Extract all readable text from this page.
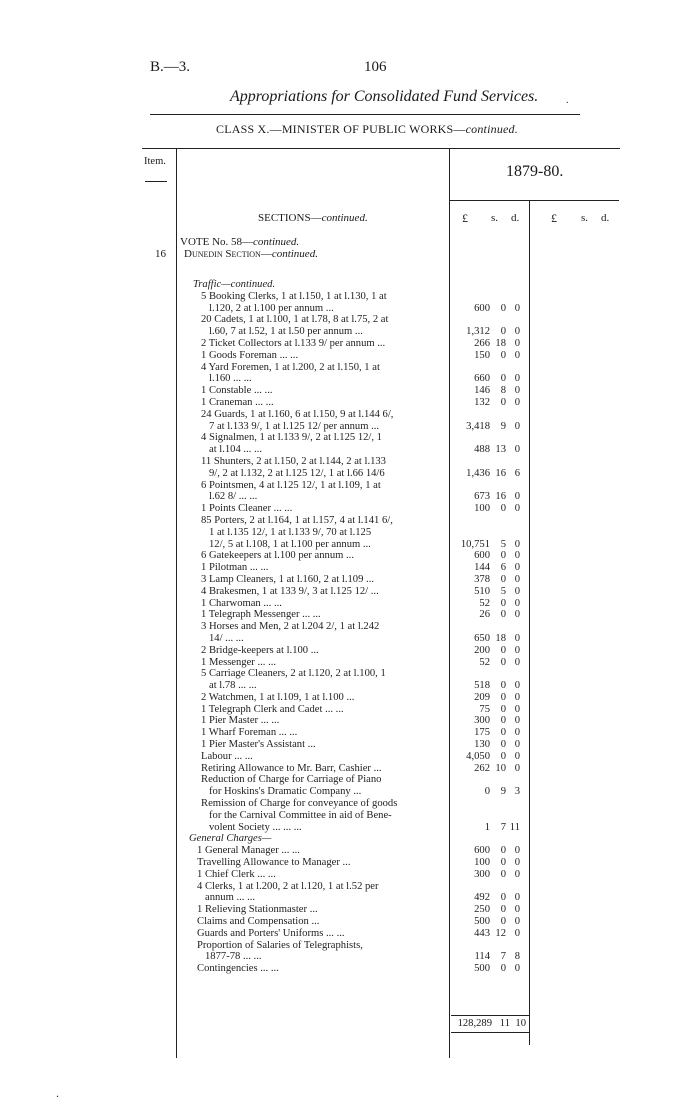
B.—3.	106
Appropriations for Consolidated Fund Services.	.
CLASS X.—MINISTER OF PUBLIC WORKS—continued.
Item.
1879-80.
SECTIONS—continued.	£ s. d.	£ s. d.
VOTE No. 58—continued.
16 Dunedin Section—continued.
Traffic—continued.
5 Booking Clerks, 1 at l.150, 1 at l.130, 1 at
l.120, 2 at l.100 per annum ...	600 0 0
20 Cadets, 1 at l.100, 1 at l.78, 8 at l.75, 2 at
l.60, 7 at l.52, 1 at l.50 per annum ...	1,312 0 0
2 Ticket Collectors at l.133 9/ per annum ...	266 18 0
1 Goods Foreman ... ...	150 0 0
4 Yard Foremen, 1 at l.200, 2 at l.150, 1 at
l.160 ... ...	660 0 0
1 Constable ... ...	146 8 0
1 Craneman ... ...	132 0 0
24 Guards, 1 at l.160, 6 at l.150, 9 at l.144 6/,
7 at l.133 9/, 1 at l.125 12/ per annum ...	3,418 9 0
4 Signalmen, 1 at l.133 9/, 2 at l.125 12/, 1
at l.104 ... ...	488 13 0
11 Shunters, 2 at l.150, 2 at l.144, 2 at l.133
9/, 2 at l.132, 2 at l.125 12/, 1 at l.66 14/6	1,436 16 6
6 Pointsmen, 4 at l.125 12/, 1 at l.109, 1 at
l.62 8/ ... ...	673 16 0
1 Points Cleaner ... ...	100 0 0
85 Porters, 2 at l.164, 1 at l.157, 4 at l.141 6/,
1 at l.135 12/, 1 at l.133 9/, 70 at l.125
12/, 5 at l.108, 1 at l.100 per annum ...	10,751 5 0
6 Gatekeepers at l.100 per annum ...	600 0 0
1 Pilotman ... ...	144 6 0
3 Lamp Cleaners, 1 at l.160, 2 at l.109 ...	378 0 0
4 Brakesmen, 1 at 133 9/, 3 at l.125 12/ ...	510 5 0
1 Charwoman ... ...	52 0 0
1 Telegraph Messenger ... ...	26 0 0
3 Horses and Men, 2 at l.204 2/, 1 at l.242
14/ ... ...	650 18 0
2 Bridge-keepers at l.100 ...	200 0 0
1 Messenger ... ...	52 0 0
5 Carriage Cleaners, 2 at l.120, 2 at l.100, 1
at l.78 ... ...	518 0 0
2 Watchmen, 1 at l.109, 1 at l.100 ...	209 0 0
1 Telegraph Clerk and Cadet ... ...	75 0 0
1 Pier Master ... ...	300 0 0
1 Wharf Foreman ... ...	175 0 0
1 Pier Master's Assistant ...	130 0 0
Labour ... ...	4,050 0 0
Retiring Allowance to Mr. Barr, Cashier ...	262 10 0
Reduction of Charge for Carriage of Piano
for Hoskins's Dramatic Company ...	0 9 3
Remission of Charge for conveyance of goods
for the Carnival Committee in aid of Bene-
volent Society ... ... ...	1 7 11
General Charges—
1 General Manager ... ...	600 0 0
Travelling Allowance to Manager ...	100 0 0
1 Chief Clerk ... ...	300 0 0
4 Clerks, 1 at l.200, 2 at l.120, 1 at l.52 per
annum ... ...	492 0 0
1 Relieving Stationmaster ...	250 0 0
Claims and Compensation ...	500 0 0
Guards and Porters' Uniforms ... ...	443 12 0
Proportion of Salaries of Telegraphists,
1877-78 ... ...	114 7 8
Contingencies ... ...	500 0 0
128,289 11 10
.
